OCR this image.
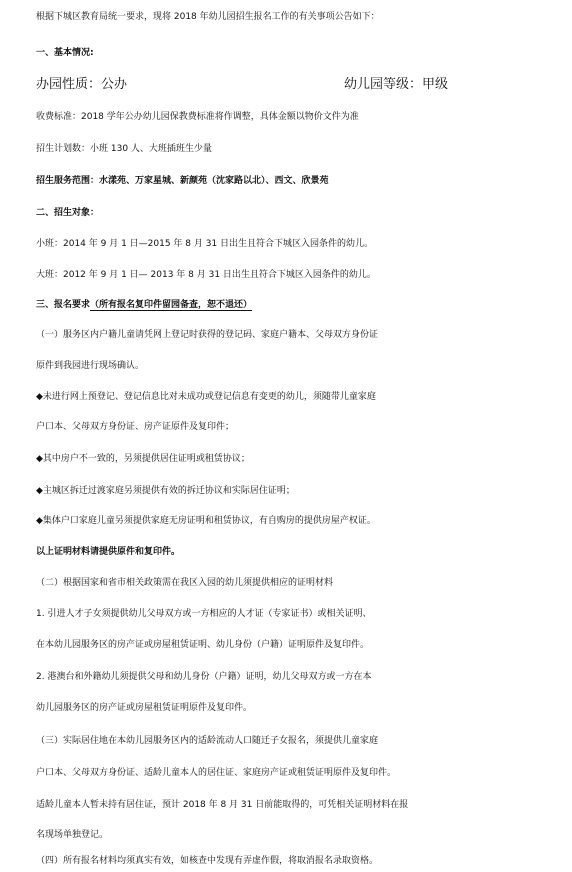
根据下城区教育局统一要求，现将 2018 年幼儿园招生报名工作的有关事项公告如下：
一、基本情况:
办园性质：公办	幼儿园等级：甲级
收费标准：2018 学年公办幼儿园保教费标准将作调整，具体金额以物价文件为准
招生计划数：小班 130 人、大班插班生少量
招生服务范围：水漾苑、万家星城、新颜苑（沈家路以北）、西文、欣景苑
二、招生对象：
小班：2014 年 9 月 1 日—2015 年 8 月 31 日出生且符合下城区入园条件的幼儿。
大班：2012 年 9 月 1 日— 2013 年 8 月 31 日出生且符合下城区入园条件的幼儿。
三、报名要求（所有报名复印件留园备查，恕不退还）
（一）服务区内户籍儿童请凭网上登记时获得的登记码、家庭户籍本、父母双方身份证
原件到我园进行现场确认。
◆未进行网上预登记、登记信息比对未成功或登记信息有变更的幼儿，须随带儿童家庭
户口本、父母双方身份证、房产证原件及复印件；
◆其中房户不一致的，另须提供居住证明或租赁协议；
◆主城区拆迁过渡家庭另须提供有效的拆迁协议和实际居住证明；
◆集体户口家庭儿童另须提供家庭无房证明和租赁协议，有自购房的提供房屋产权证。
以上证明材料请提供原件和复印件。
（二）根据国家和省市相关政策需在我区入园的幼儿须提供相应的证明材料
1. 引进人才子女须提供幼儿父母双方或一方相应的人才证（专家证书）或相关证明、
在本幼儿园服务区的房产证或房屋租赁证明、幼儿身份（户籍）证明原件及复印件。
2. 港澳台和外籍幼儿须提供父母和幼儿身份（户籍）证明，幼儿父母双方或一方在本
幼儿园服务区的房产证或房屋租赁证明原件及复印件。
（三）实际居住地在本幼儿园服务区内的适龄流动人口随迁子女报名，须提供儿童家庭
户口本、父母双方身份证、适龄儿童本人的居住证、家庭房产证或租赁证明原件及复印件。
适龄儿童本人暂未持有居住证，预计 2018 年 8 月 31 日前能取得的，可凭相关证明材料在报
名现场单独登记。
（四）所有报名材料均须真实有效，如核查中发现有弄虚作假，将取消报名录取资格。
